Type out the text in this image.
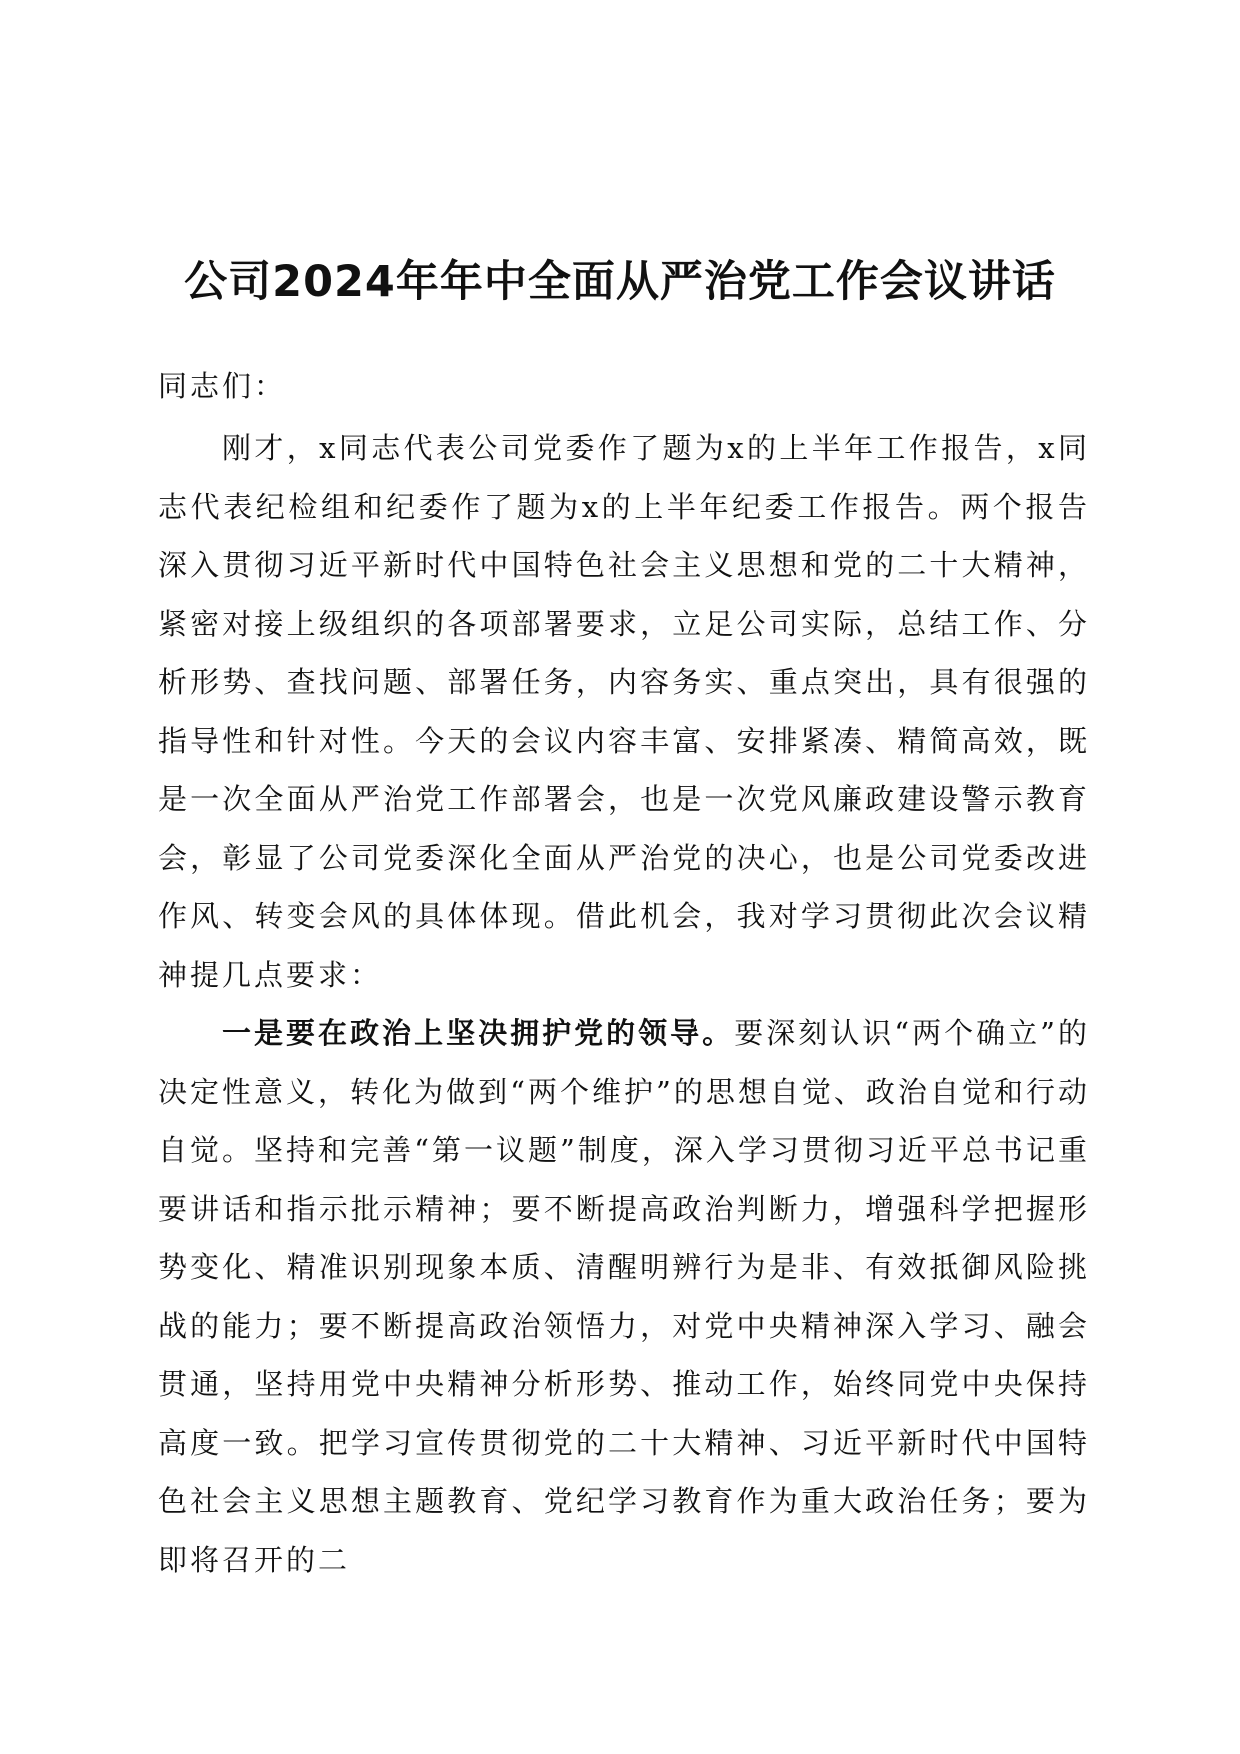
公司2024年年中全面从严治党工作会议讲话

同志们：

刚才，x同志代表公司党委作了题为x的上半年工作报告，x同志代表纪检组和纪委作了题为x的上半年纪委工作报告。两个报告深入贯彻习近平新时代中国特色社会主义思想和党的二十大精神，紧密对接上级组织的各项部署要求，立足公司实际，总结工作、分析形势、查找问题、部署任务，内容务实、重点突出，具有很强的指导性和针对性。今天的会议内容丰富、安排紧凑、精简高效，既是一次全面从严治党工作部署会，也是一次党风廉政建设警示教育会，彰显了公司党委深化全面从严治党的决心，也是公司党委改进作风、转变会风的具体体现。借此机会，我对学习贯彻此次会议精神提几点要求：

一是要在政治上坚决拥护党的领导。要深刻认识“两个确立”的决定性意义，转化为做到“两个维护”的思想自觉、政治自觉和行动自觉。坚持和完善“第一议题”制度，深入学习贯彻习近平总书记重要讲话和指示批示精神；要不断提高政治判断力，增强科学把握形势变化、精准识别现象本质、清醒明辨行为是非、有效抵御风险挑战的能力；要不断提高政治领悟力，对党中央精神深入学习、融会贯通，坚持用党中央精神分析形势、推动工作，始终同党中央保持高度一致。把学习宣传贯彻党的二十大精神、习近平新时代中国特色社会主义思想主题教育、党纪学习教育作为重大政治任务；要为即将召开的二
